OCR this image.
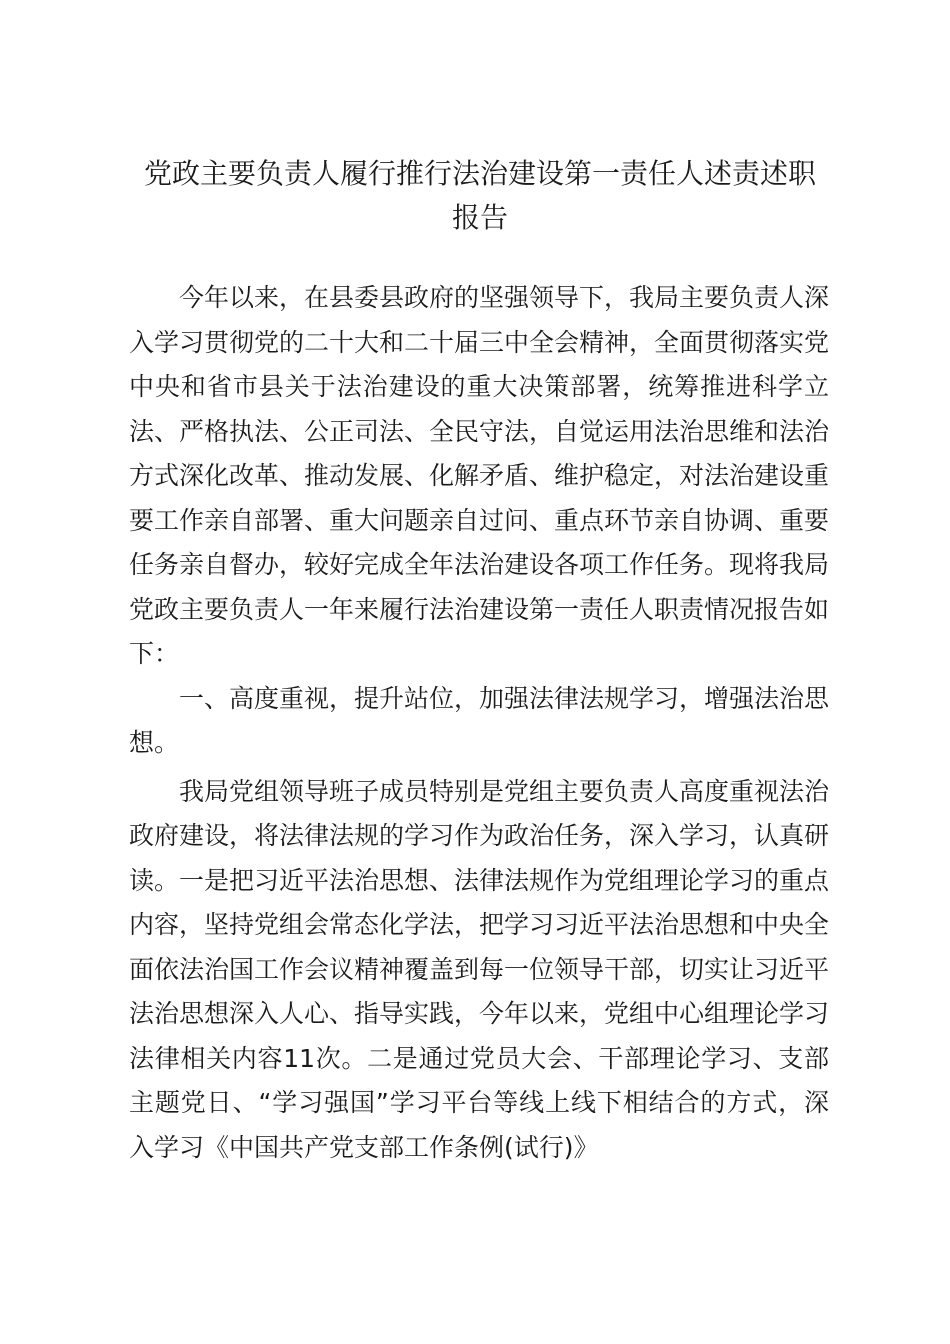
党政主要负责人履行推行法治建设第一责任人述责述职
报告

今年以来，在县委县政府的坚强领导下，我局主要负责人深入学习贯彻党的二十大和二十届三中全会精神，全面贯彻落实党中央和省市县关于法治建设的重大决策部署，统筹推进科学立法、严格执法、公正司法、全民守法，自觉运用法治思维和法治方式深化改革、推动发展、化解矛盾、维护稳定，对法治建设重要工作亲自部署、重大问题亲自过问、重点环节亲自协调、重要任务亲自督办，较好完成全年法治建设各项工作任务。现将我局党政主要负责人一年来履行法治建设第一责任人职责情况报告如下：

一、高度重视，提升站位，加强法律法规学习，增强法治思想。

我局党组领导班子成员特别是党组主要负责人高度重视法治政府建设，将法律法规的学习作为政治任务，深入学习，认真研读。一是把习近平法治思想、法律法规作为党组理论学习的重点内容，坚持党组会常态化学法，把学习习近平法治思想和中央全面依法治国工作会议精神覆盖到每一位领导干部，切实让习近平法治思想深入人心、指导实践，今年以来，党组中心组理论学习法律相关内容11次。二是通过党员大会、干部理论学习、支部主题党日、“学习强国”学习平台等线上线下相结合的方式，深入学习《中国共产党支部工作条例(试行)》
